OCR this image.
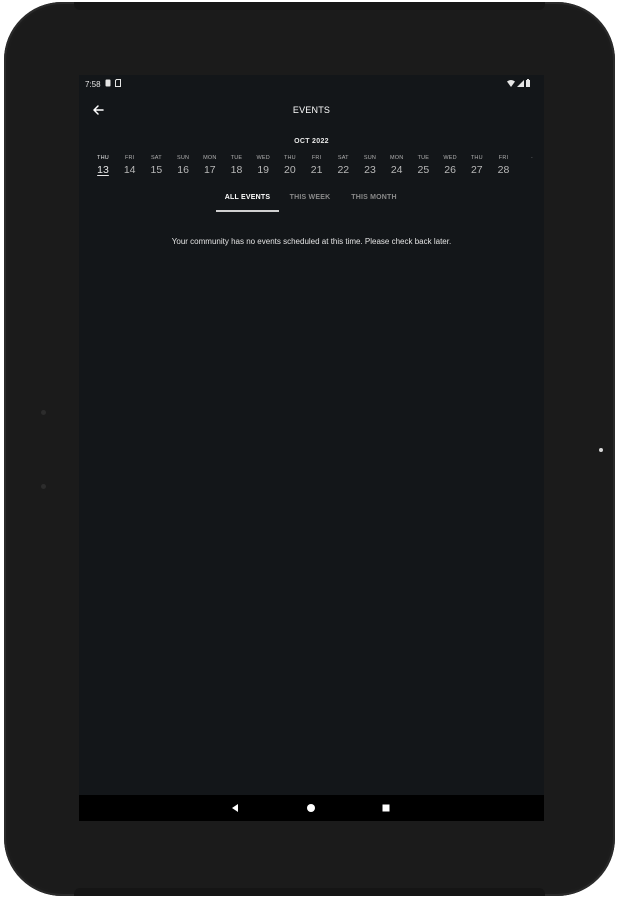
7:58
EVENTS
OCT 2022
THU
13
FRI
14
SAT
15
SUN
16
MON
17
TUE
18
WED
19
THU
20
FRI
21
SAT
22
SUN
23
MON
24
TUE
25
WED
26
THU
27
FRI
28
·
ALL EVENTS	THIS WEEK	THIS MONTH
Your community has no events scheduled at this time. Please check back later.
